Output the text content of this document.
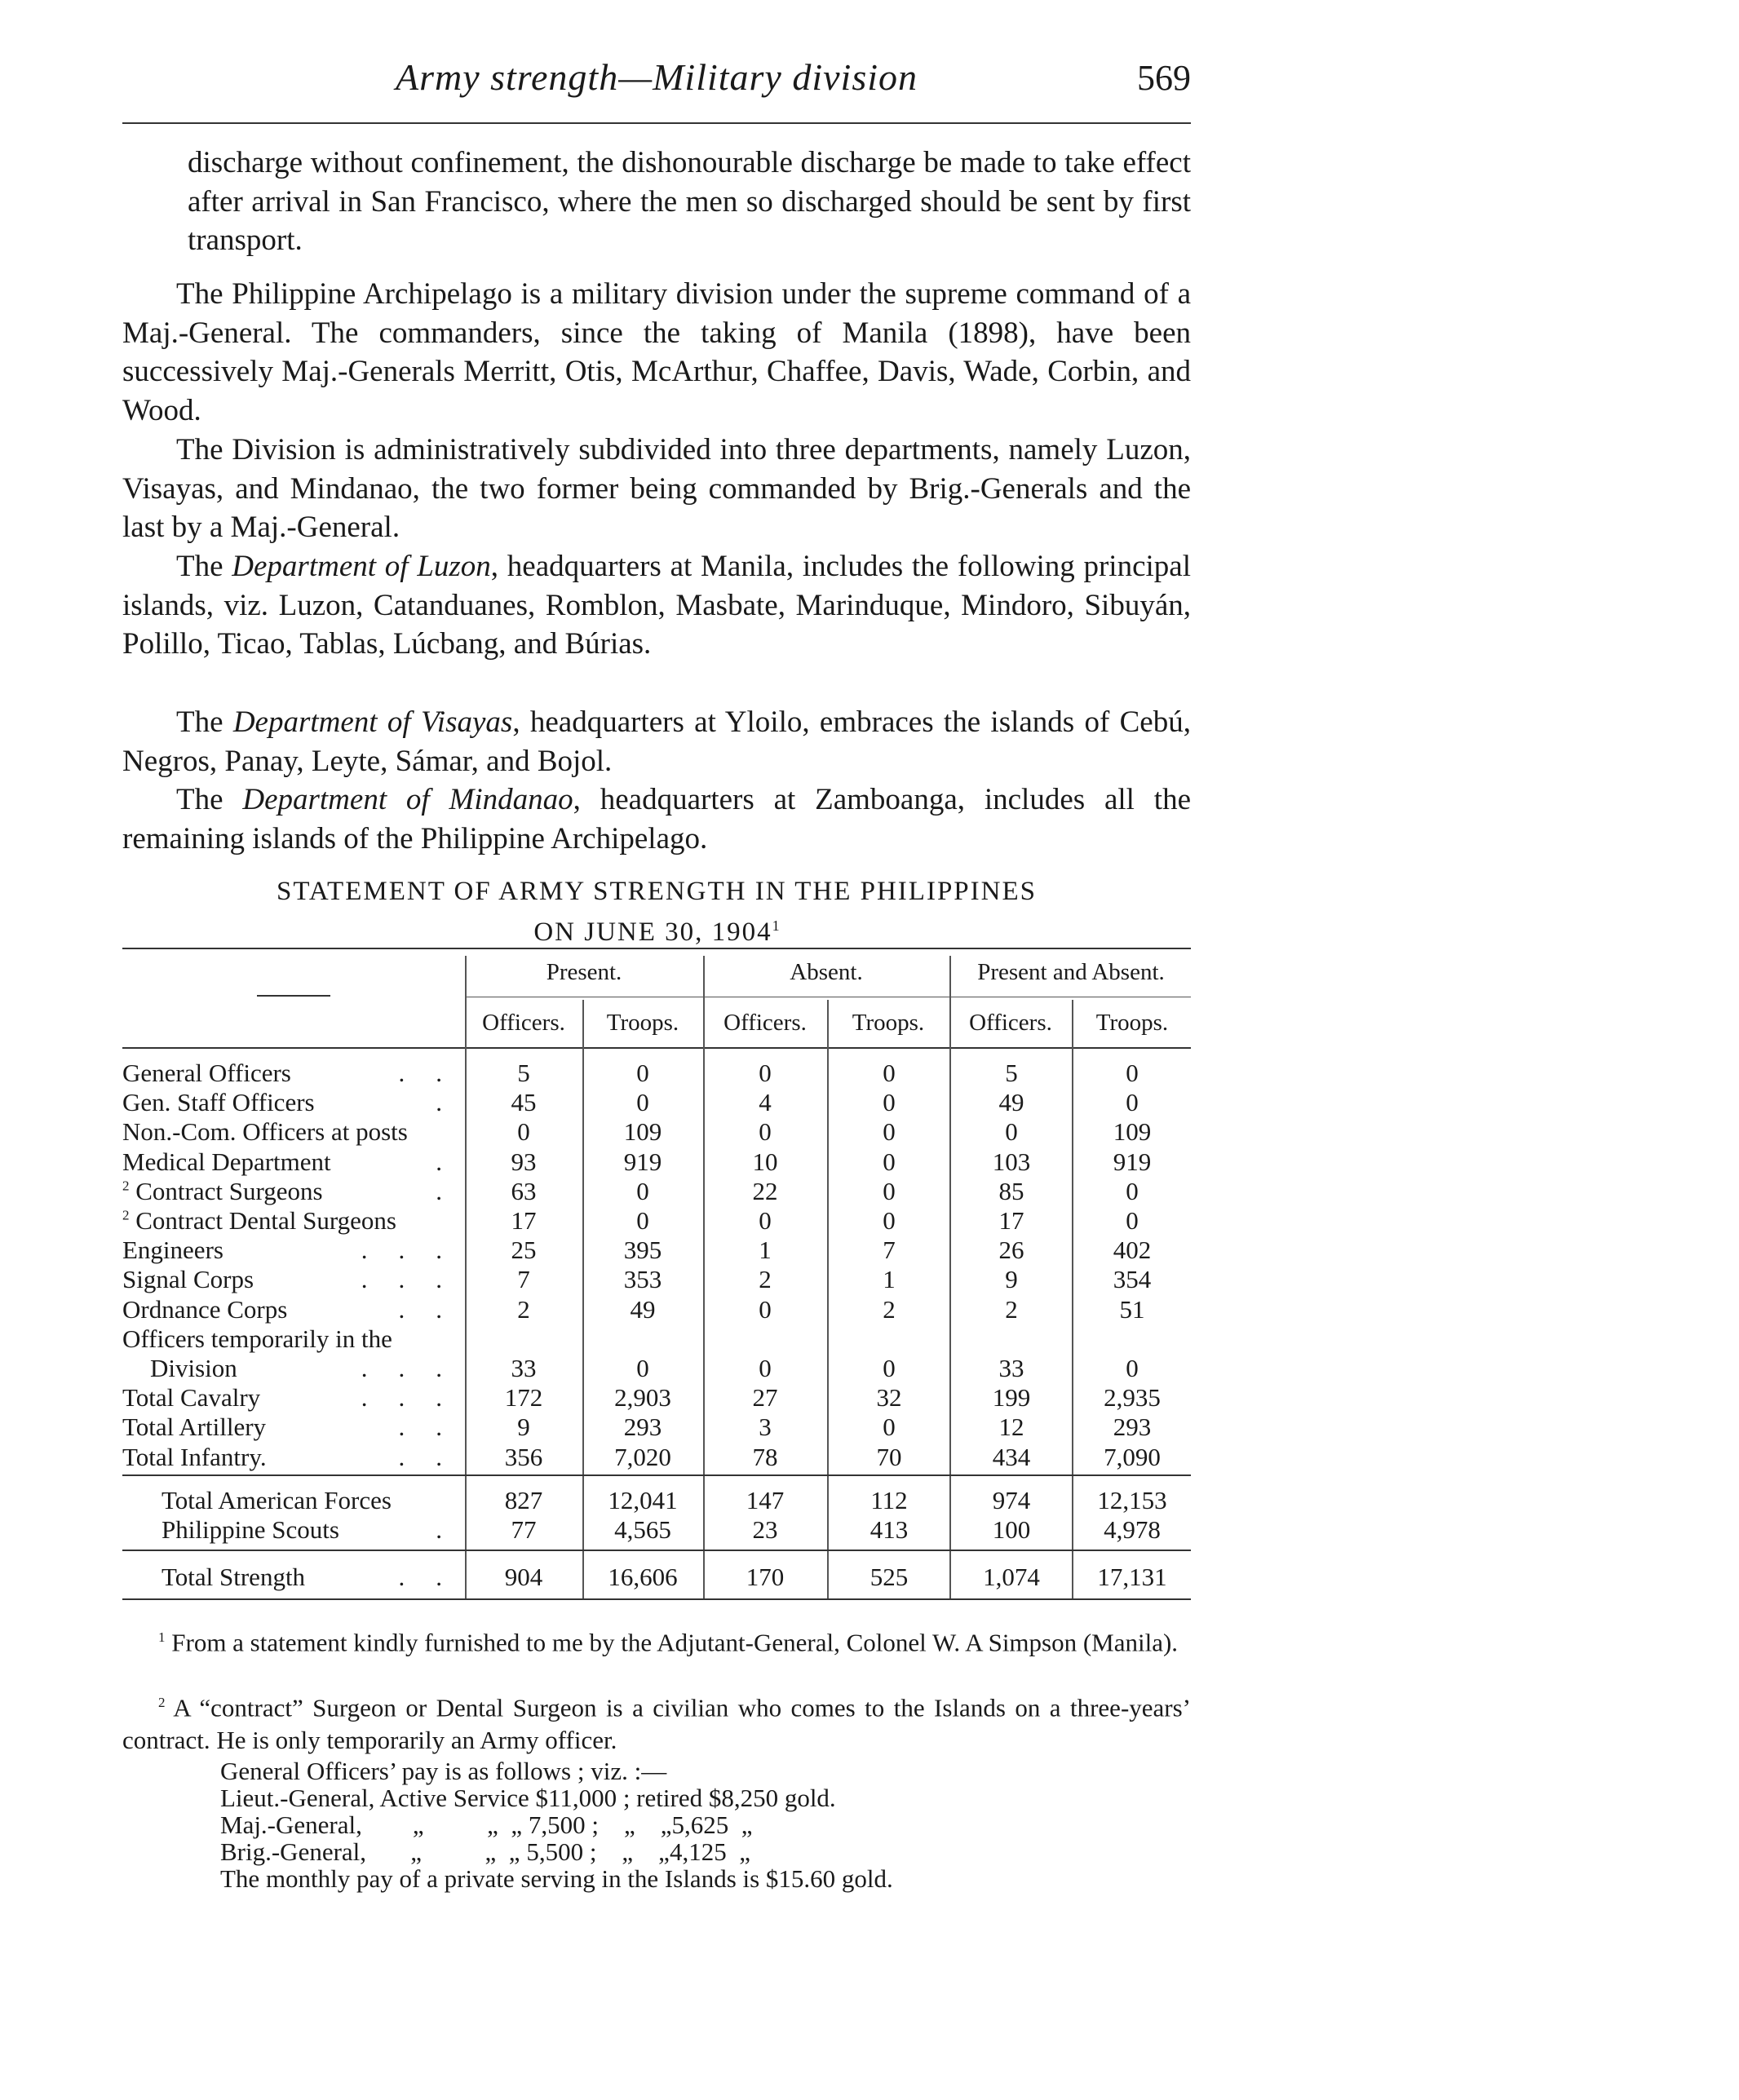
Army strength—Military division	569

discharge without confinement, the dishonourable discharge be made to take effect after arrival in San Francisco, where the men so discharged should be sent by first transport.

The Philippine Archipelago is a military division under the supreme command of a Maj.-General. The commanders, since the taking of Manila (1898), have been successively Maj.-Generals Merritt, Otis, McArthur, Chaffee, Davis, Wade, Corbin, and Wood.

The Division is administratively subdivided into three departments, namely Luzon, Visayas, and Mindanao, the two former being commanded by Brig.-Generals and the last by a Maj.-General.

The Department of Luzon, headquarters at Manila, includes the following principal islands, viz. Luzon, Catanduanes, Romblon, Masbate, Marinduque, Mindoro, Sibuyán, Polillo, Ticao, Tablas, Lúcbang, and Búrias.

The Department of Visayas, headquarters at Yloilo, embraces the islands of Cebú, Negros, Panay, Leyte, Sámar, and Bojol.

The Department of Mindanao, headquarters at Zamboanga, includes all the remaining islands of the Philippine Archipelago.

STATEMENT OF ARMY STRENGTH IN THE PHILIPPINES
ON JUNE 30, 1904$^1$
Present.	Absent.	Present and Absent.
Officers.	Troops.	Officers.	Troops.	Officers.	Troops.
General Officers	..	5	0	0	0	5	0
Gen. Staff Officers	.	45	0	4	0	49	0
Non.-Com. Officers at posts	0	109	0	0	0	109
Medical Department	.	93	919	10	0	103	919
$^2$ Contract Surgeons	.	63	0	22	0	85	0
$^2$ Contract Dental Surgeons	17	0	0	0	17	0
Engineers	...	25	395	1	7	26	402
Signal Corps	...	7	353	2	1	9	354
Ordnance Corps	..	2	49	0	2	2	51
Officers temporarily in the
Division	...	33	0	0	0	33	0
Total Cavalry	...	172	2,903	27	32	199	2,935
Total Artillery	..	9	293	3	0	12	293
Total Infantry.	..	356	7,020	78	70	434	7,090
Total American Forces	827	12,041	147	112	974	12,153
Philippine Scouts	.	77	4,565	23	413	100	4,978
Total Strength	..	904	16,606	170	525	1,074	17,131
$^1$ From a statement kindly furnished to me by the Adjutant-General, Colonel W. A Simpson (Manila).
$^2$ A “contract” Surgeon or Dental Surgeon is a civilian who comes to the Islands on a three-years’ contract. He is only temporarily an Army officer.
General Officers’ pay is as follows ; viz. :—
Lieut.-General, Active Service $11,000 ; retired $8,250 gold.
Maj.-General,        „          „  „ 7,500 ;    „    „5,625  „
Brig.-General,       „          „  „ 5,500 ;    „    „4,125  „
The monthly pay of a private serving in the Islands is $15.60 gold.
